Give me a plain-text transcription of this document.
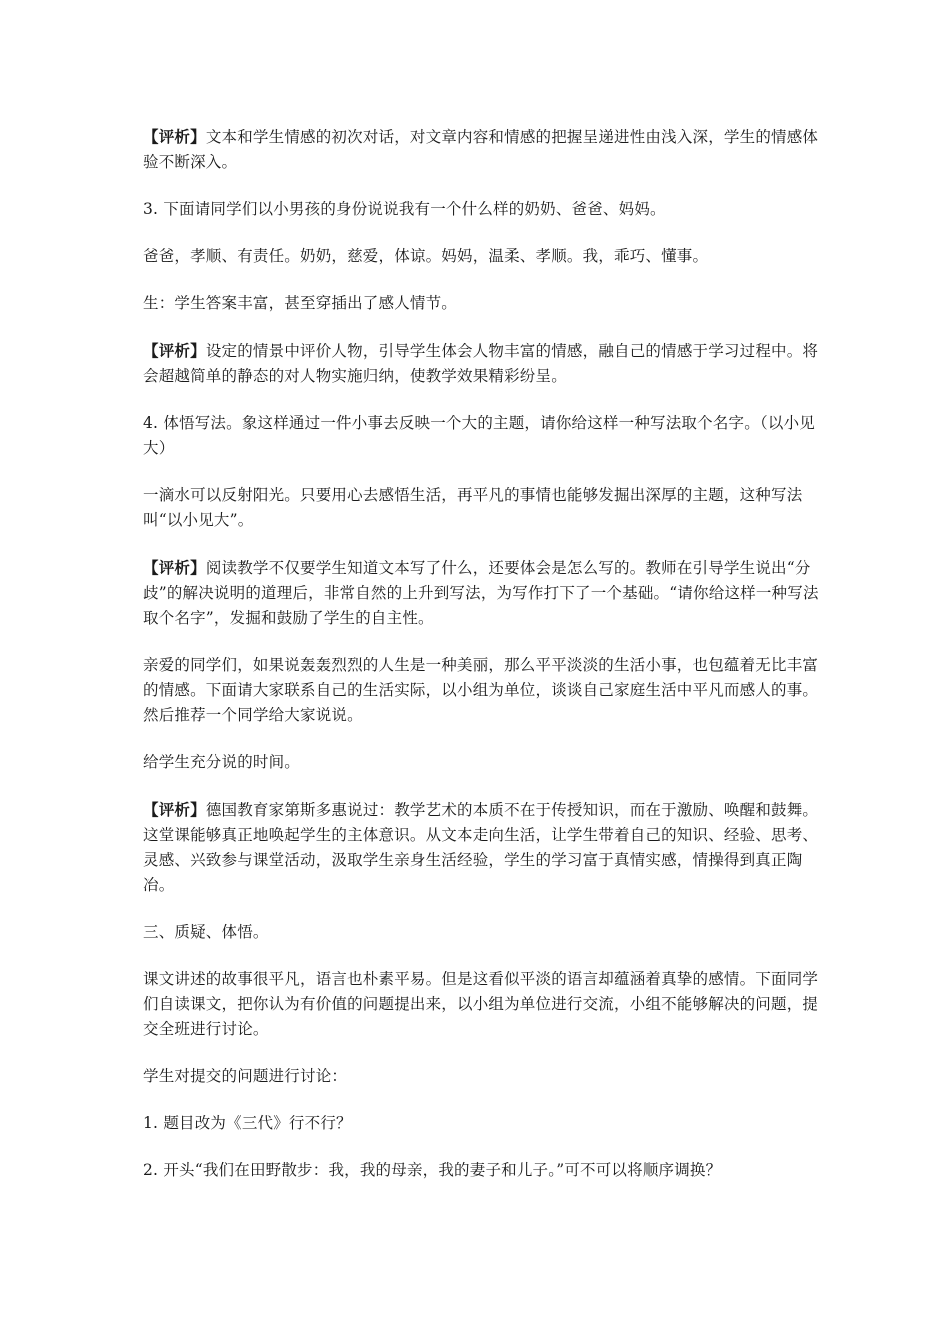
【评析】文本和学生情感的初次对话，对文章内容和情感的把握呈递进性由浅入深，学生的情感体验不断深入。

3. 下面请同学们以小男孩的身份说说我有一个什么样的奶奶、爸爸、妈妈。

爸爸，孝顺、有责任。奶奶，慈爱，体谅。妈妈，温柔、孝顺。我，乖巧、懂事。

生：学生答案丰富，甚至穿插出了感人情节。

【评析】设定的情景中评价人物，引导学生体会人物丰富的情感，融自己的情感于学习过程中。将会超越简单的静态的对人物实施归纳，使教学效果精彩纷呈。

4. 体悟写法。象这样通过一件小事去反映一个大的主题，请你给这样一种写法取个名字。（以小见大）

一滴水可以反射阳光。只要用心去感悟生活，再平凡的事情也能够发掘出深厚的主题，这种写法叫“以小见大”。

【评析】阅读教学不仅要学生知道文本写了什么，还要体会是怎么写的。教师在引导学生说出“分歧”的解决说明的道理后，非常自然的上升到写法，为写作打下了一个基础。“请你给这样一种写法取个名字”，发掘和鼓励了学生的自主性。

亲爱的同学们，如果说轰轰烈烈的人生是一种美丽，那么平平淡淡的生活小事，也包蕴着无比丰富的情感。下面请大家联系自己的生活实际，以小组为单位，谈谈自己家庭生活中平凡而感人的事。然后推荐一个同学给大家说说。

给学生充分说的时间。

【评析】德国教育家第斯多惠说过：教学艺术的本质不在于传授知识，而在于激励、唤醒和鼓舞。这堂课能够真正地唤起学生的主体意识。从文本走向生活，让学生带着自己的知识、经验、思考、灵感、兴致参与课堂活动，汲取学生亲身生活经验，学生的学习富于真情实感，情操得到真正陶冶。

三、质疑、体悟。

课文讲述的故事很平凡，语言也朴素平易。但是这看似平淡的语言却蕴涵着真挚的感情。下面同学们自读课文，把你认为有价值的问题提出来，以小组为单位进行交流，小组不能够解决的问题，提交全班进行讨论。

学生对提交的问题进行讨论：

1. 题目改为《三代》行不行？

2. 开头“我们在田野散步：我，我的母亲，我的妻子和儿子。”可不可以将顺序调换？
